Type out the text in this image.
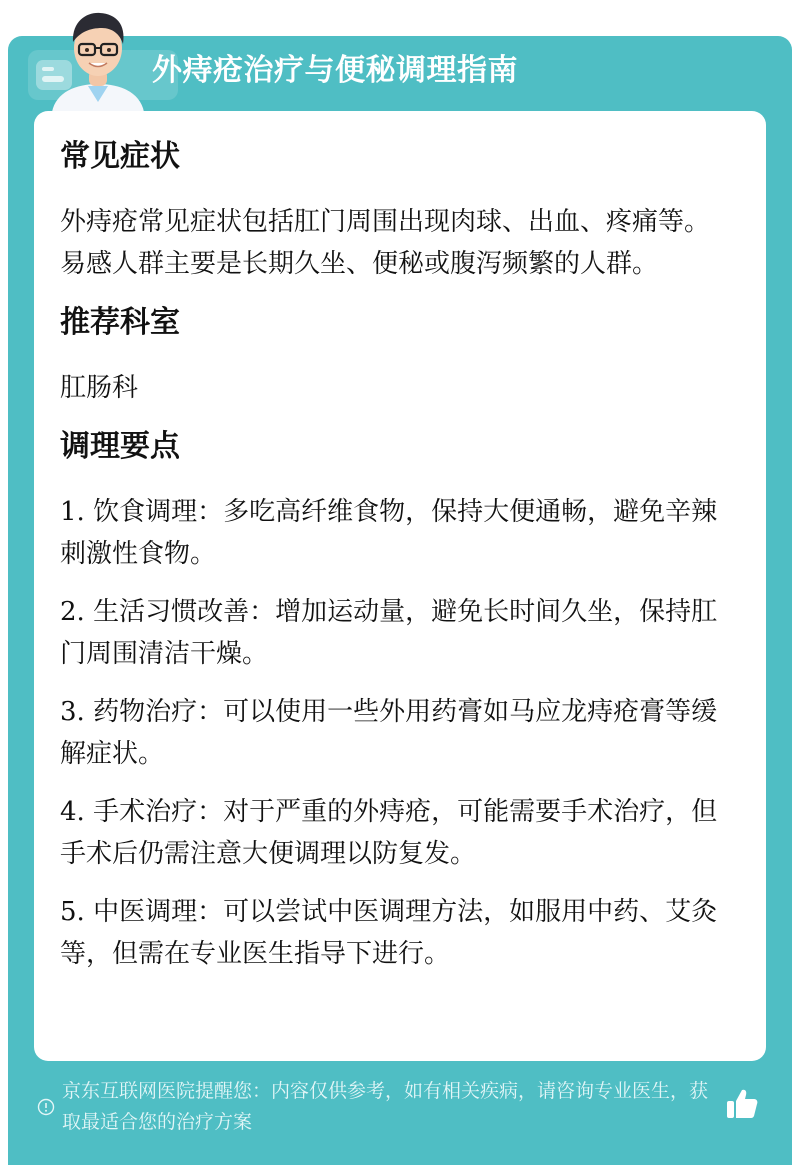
外痔疮治疗与便秘调理指南
常见症状
外痔疮常见症状包括肛门周围出现肉球、出血、疼痛等。易感人群主要是长期久坐、便秘或腹泻频繁的人群。
推荐科室
肛肠科
调理要点
1. 饮食调理：多吃高纤维食物，保持大便通畅，避免辛辣刺激性食物。
2. 生活习惯改善：增加运动量，避免长时间久坐，保持肛门周围清洁干燥。
3. 药物治疗：可以使用一些外用药膏如马应龙痔疮膏等缓解症状。
4. 手术治疗：对于严重的外痔疮，可能需要手术治疗，但手术后仍需注意大便调理以防复发。
5. 中医调理：可以尝试中医调理方法，如服用中药、艾灸等，但需在专业医生指导下进行。
京东互联网医院提醒您：内容仅供参考，如有相关疾病，请咨询专业医生，获取最适合您的治疗方案
